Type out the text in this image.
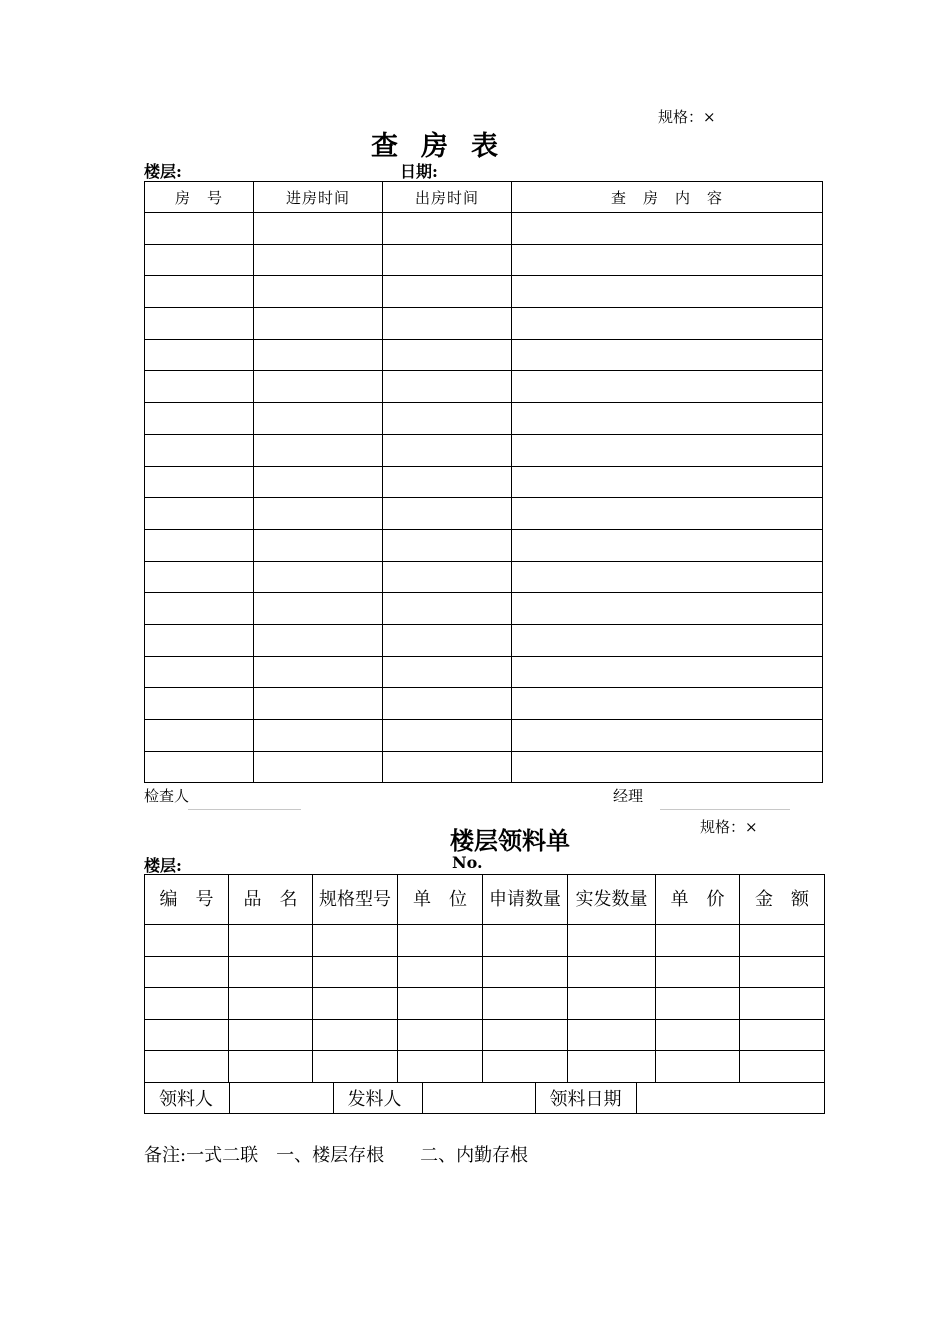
规格：×
查房表
楼层:	日期:
房　号	进房时间	出房时间	查　房　内　容

检查人	经理
规格：×
楼层领料单
楼层:	No.
编　号	品　名	规格型号	单　位	申请数量	实发数量	单　价	金　额

领料人		发料人		领料日期	
备注:一式二联　一、楼层存根　　二、内勤存根
